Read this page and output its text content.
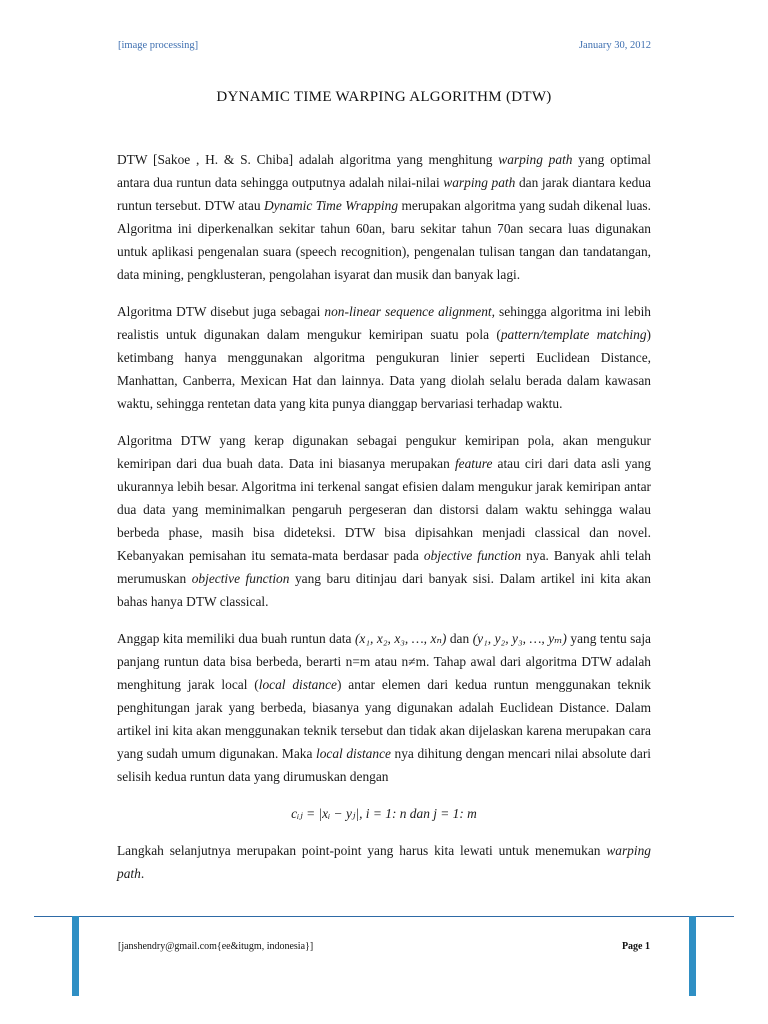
[image processing]	January 30, 2012
DYNAMIC TIME WARPING ALGORITHM (DTW)

DTW [Sakoe , H. & S. Chiba] adalah algoritma yang menghitung warping path yang optimal antara dua runtun data sehingga outputnya adalah nilai-nilai warping path dan jarak diantara kedua runtun tersebut. DTW atau Dynamic Time Wrapping merupakan algoritma yang sudah dikenal luas. Algoritma ini diperkenalkan sekitar tahun 60an, baru sekitar tahun 70an secara luas digunakan untuk aplikasi pengenalan suara (speech recognition), pengenalan tulisan tangan dan tandatangan, data mining, pengklusteran, pengolahan isyarat dan musik dan banyak lagi.

Algoritma DTW disebut juga sebagai non-linear sequence alignment, sehingga algoritma ini lebih realistis untuk digunakan dalam mengukur kemiripan suatu pola (pattern/template matching) ketimbang hanya menggunakan algoritma pengukuran linier seperti Euclidean Distance, Manhattan, Canberra, Mexican Hat dan lainnya. Data yang diolah selalu berada dalam kawasan waktu, sehingga rentetan data yang kita punya dianggap bervariasi terhadap waktu.

Algoritma DTW yang kerap digunakan sebagai pengukur kemiripan pola, akan mengukur kemiripan dari dua buah data. Data ini biasanya merupakan feature atau ciri dari data asli yang ukurannya lebih besar. Algoritma ini terkenal sangat efisien dalam mengukur jarak kemiripan antar dua data yang meminimalkan pengaruh pergeseran dan distorsi dalam waktu sehingga walau berbeda phase, masih bisa dideteksi. DTW bisa dipisahkan menjadi classical dan novel. Kebanyakan pemisahan itu semata-mata berdasar pada objective function nya. Banyak ahli telah merumuskan objective function yang baru ditinjau dari banyak sisi. Dalam artikel ini kita akan bahas hanya DTW classical.

Anggap kita memiliki dua buah runtun data (x₁, x₂, x₃, …, xₙ) dan (y₁, y₂, y₃, …, yₘ) yang tentu saja panjang runtun data bisa berbeda, berarti n=m atau n≠m. Tahap awal dari algoritma DTW adalah menghitung jarak local (local distance) antar elemen dari kedua runtun menggunakan teknik penghitungan jarak yang berbeda, biasanya yang digunakan adalah Euclidean Distance. Dalam artikel ini kita akan menggunakan teknik tersebut dan tidak akan dijelaskan karena merupakan cara yang sudah umum digunakan. Maka local distance nya dihitung dengan mencari nilai absolute dari selisih kedua runtun data yang dirumuskan dengan

cᵢⱼ = |xᵢ − yⱼ|, i = 1: n dan j = 1: m

Langkah selanjutnya merupakan point-point yang harus kita lewati untuk menemukan warping path.

[janshendry@gmail.com{ee&itugm, indonesia}]	Page 1
